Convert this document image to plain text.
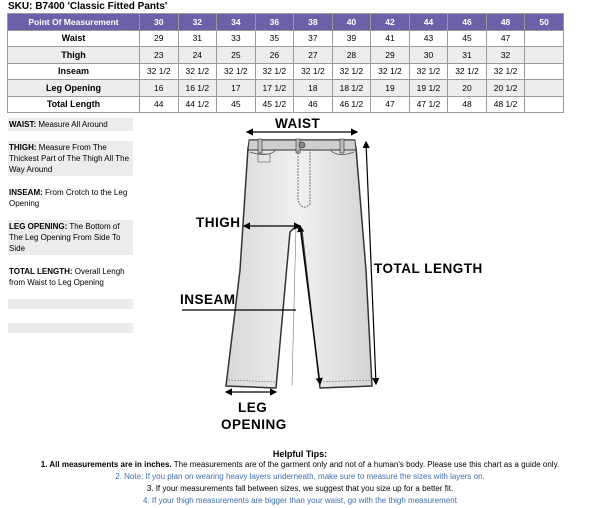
SKU: B7400 'Classic Fitted Pants'
Point Of Measurement	30	32	34	36	38	40	42	44	46	48	50
Waist	29	31	33	35	37	39	41	43	45	47	
Thigh	23	24	25	26	27	28	29	30	31	32	
Inseam	32 1/2	32 1/2	32 1/2	32 1/2	32 1/2	32 1/2	32 1/2	32 1/2	32 1/2	32 1/2	
Leg Opening	16	16 1/2	17	17 1/2	18	18 1/2	19	19 1/2	20	20 1/2	
Total Length	44	44 1/2	45	45 1/2	46	46 1/2	47	47 1/2	48	48 1/2	
WAIST: Measure All Around
THIGH: Measure From The Thickest Part of The Thigh All The Way Around
INSEAM: From Crotch to the Leg Opening
LEG OPENING: The Bottom of The Leg Opening From Side To Side
TOTAL LENGTH: Overall Lengh from Waist to Leg Opening
WAIST
THIGH
INSEAM
LEG
OPENING
TOTAL LENGTH
Helpful Tips:
1. All measurements are in inches. The measurements are of the garment only and not of a human's body. Please use this chart as a guide only.
2. Note: If you plan on wearing heavy layers underneath, make sure to measure the sizes with layers on.
3. If your measurements fall between sizes, we suggest that you size up for a better fit.
4. If your thigh measurements are bigger than your waist, go with the thigh measurement
